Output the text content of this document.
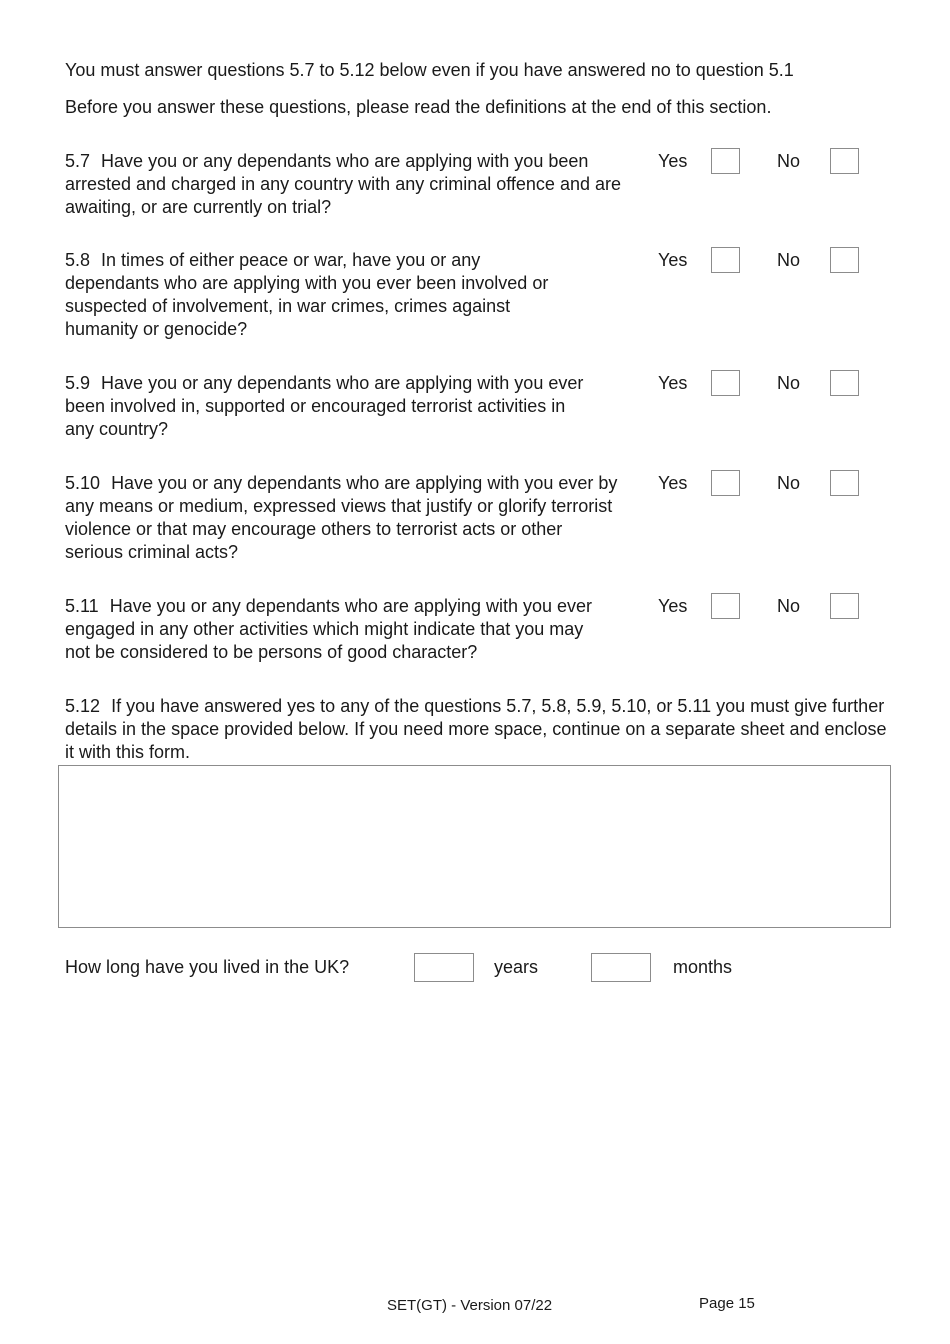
You must answer questions 5.7 to 5.12 below even if you have answered no to question 5.1
Before you answer these questions, please read the definitions at the end of this section.
5.7 Have you or any dependants who are applying with you been arrested and charged in any country with any criminal offence and are awaiting, or are currently on trial?
Yes	No
5.8 In times of either peace or war, have you or any dependants who are applying with you ever been involved or suspected of involvement, in war crimes, crimes against humanity or genocide?
Yes	No
5.9 Have you or any dependants who are applying with you ever been involved in, supported or encouraged terrorist activities in any country?
Yes	No
5.10 Have you or any dependants who are applying with you ever by any means or medium, expressed views that justify or glorify terrorist violence or that may encourage others to terrorist acts or other serious criminal acts?
Yes	No
5.11 Have you or any dependants who are applying with you ever engaged in any other activities which might indicate that you may not be considered to be persons of good character?
Yes	No
5.12 If you have answered yes to any of the questions 5.7, 5.8, 5.9, 5.10, or 5.11 you must give further details in the space provided below. If you need more space, continue on a separate sheet and enclose it with this form.
How long have you lived in the UK?	years	months
SET(GT) - Version 07/22	Page 15
